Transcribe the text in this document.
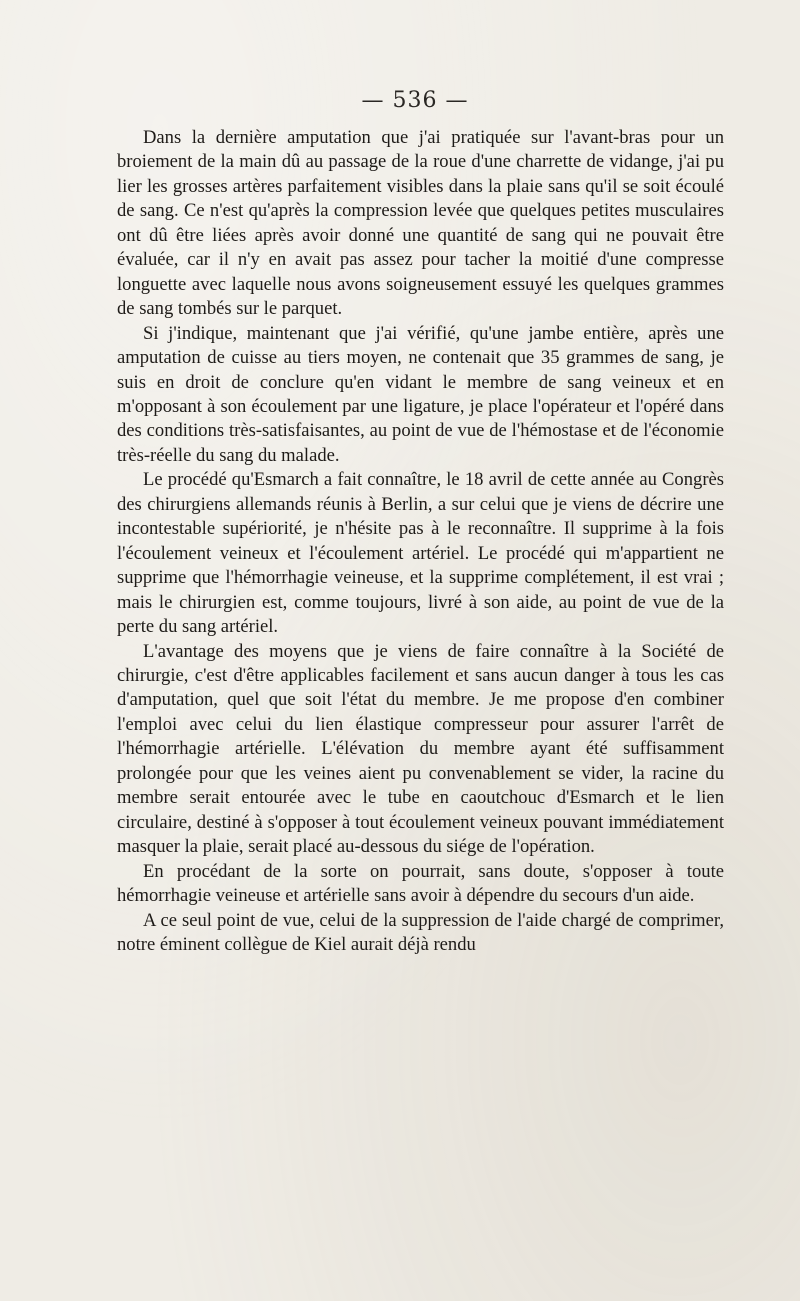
— 536 —

Dans la dernière amputation que j'ai pratiquée sur l'avant-bras pour un broiement de la main dû au passage de la roue d'une charrette de vidange, j'ai pu lier les grosses artères parfaitement visibles dans la plaie sans qu'il se soit écoulé de sang. Ce n'est qu'après la compression levée que quelques petites musculaires ont dû être liées après avoir donné une quantité de sang qui ne pouvait être évaluée, car il n'y en avait pas assez pour tacher la moitié d'une compresse longuette avec laquelle nous avons soigneusement essuyé les quelques grammes de sang tombés sur le parquet.

Si j'indique, maintenant que j'ai vérifié, qu'une jambe entière, après une amputation de cuisse au tiers moyen, ne contenait que 35 grammes de sang, je suis en droit de conclure qu'en vidant le membre de sang veineux et en m'opposant à son écoulement par une ligature, je place l'opérateur et l'opéré dans des conditions très-satisfaisantes, au point de vue de l'hémostase et de l'économie très-réelle du sang du malade.

Le procédé qu'Esmarch a fait connaître, le 18 avril de cette année au Congrès des chirurgiens allemands réunis à Berlin, a sur celui que je viens de décrire une incontestable supériorité, je n'hésite pas à le reconnaître. Il supprime à la fois l'écoulement veineux et l'écoulement artériel. Le procédé qui m'appartient ne supprime que l'hémorrhagie veineuse, et la supprime complétement, il est vrai ; mais le chirurgien est, comme toujours, livré à son aide, au point de vue de la perte du sang artériel.

L'avantage des moyens que je viens de faire connaître à la Société de chirurgie, c'est d'être applicables facilement et sans aucun danger à tous les cas d'amputation, quel que soit l'état du membre. Je me propose d'en combiner l'emploi avec celui du lien élastique compresseur pour assurer l'arrêt de l'hémorrhagie artérielle. L'élévation du membre ayant été suffisamment prolongée pour que les veines aient pu convenablement se vider, la racine du membre serait entourée avec le tube en caoutchouc d'Esmarch et le lien circulaire, destiné à s'opposer à tout écoulement veineux pouvant immédiatement masquer la plaie, serait placé au-dessous du siége de l'opération.

En procédant de la sorte on pourrait, sans doute, s'opposer à toute hémorrhagie veineuse et artérielle sans avoir à dépendre du secours d'un aide.

A ce seul point de vue, celui de la suppression de l'aide chargé de comprimer, notre éminent collègue de Kiel aurait déjà rendu
